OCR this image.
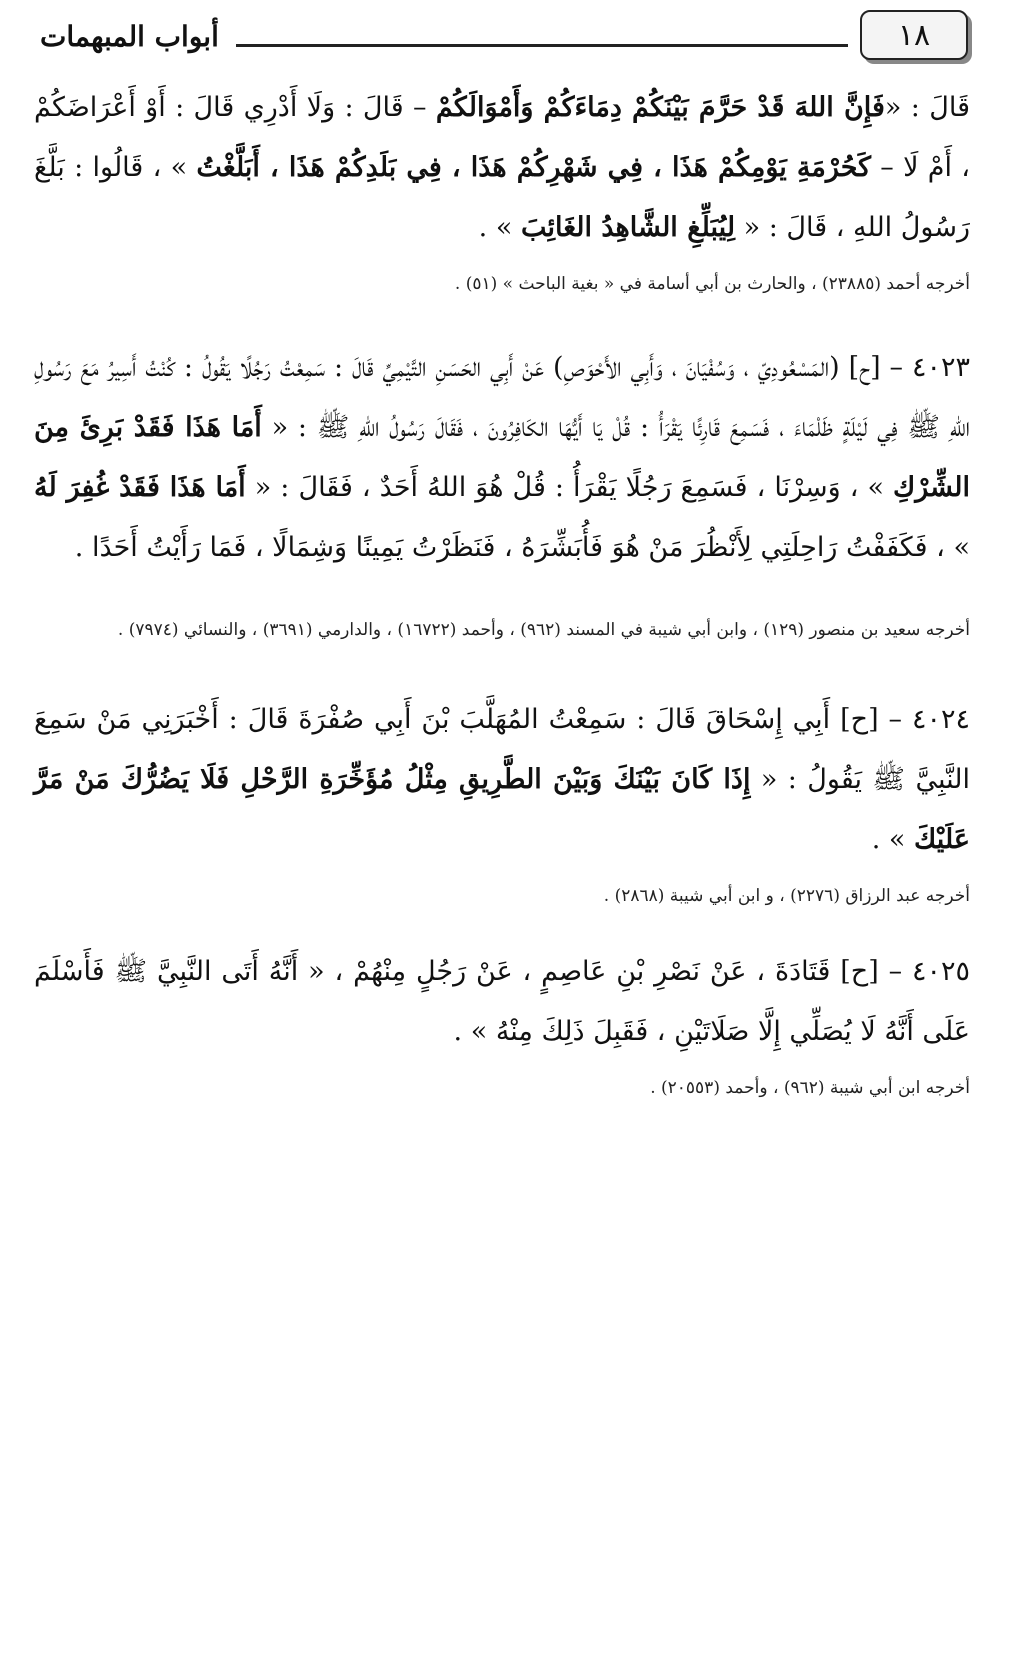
١٨
أبواب المبهمات

قَالَ : «فَإِنَّ اللهَ قَدْ حَرَّمَ بَيْنَكُمْ دِمَاءَكُمْ وَأَمْوَالَكُمْ – قَالَ : وَلَا أَدْرِي قَالَ : أَوْ أَعْرَاضَكُمْ ، أَمْ لَا – كَحُرْمَةِ يَوْمِكُمْ هَذَا ، فِي شَهْرِكُمْ هَذَا ، فِي بَلَدِكُمْ هَذَا ، أَبَلَّغْتُ » ، قَالُوا : بَلَّغَ رَسُولُ اللهِ ، قَالَ : « لِيُبَلِّغِ الشَّاهِدُ الغَائِبَ » .

أخرجه أحمد (٢٣٨٨٥) ، والحارث بن أبي أسامة في « بغية الباحث » (٥١) .

٤٠٢٣ – [ح] (المَسْعُودِيّ ، وَسُفْيَانَ ، وَأَبِي الأَحْوَصِ) عَنْ أَبِي الحَسَنِ التَّيْمِيِّ قَالَ : سَمِعْتُ رَجُلًا يَقُولُ : كُنْتُ أَسِيرُ مَعَ رَسُولِ اللهِ ﷺ فِي لَيْلَةٍ ظَلْمَاءَ ، فَسَمِعَ قَارِئًا يَقْرَأُ : قُلْ يَا أَيُّهَا الكَافِرُونَ ، فَقَالَ رَسُولُ اللهِ ﷺ : « أَمَا هَذَا فَقَدْ بَرِئَ مِنَ الشِّرْكِ » ، وَسِرْنَا ، فَسَمِعَ رَجُلًا يَقْرَأُ : قُلْ هُوَ اللهُ أَحَدٌ ، فَقَالَ : « أَمَا هَذَا فَقَدْ غُفِرَ لَهُ » ، فَكَفَفْتُ رَاحِلَتِي لِأَنْظُرَ مَنْ هُوَ فَأُبَشِّرَهُ ، فَنَظَرْتُ يَمِينًا وَشِمَالًا ، فَمَا رَأَيْتُ أَحَدًا .

أخرجه سعيد بن منصور (١٢٩) ، وابن أبي شيبة في المسند (٩٦٢) ، وأحمد (١٦٧٢٢) ، والدارمي (٣٦٩١) ، والنسائي (٧٩٧٤) .

٤٠٢٤ – [ح] أَبِي إِسْحَاقَ قَالَ : سَمِعْتُ المُهَلَّبَ بْنَ أَبِي صُفْرَةَ قَالَ : أَخْبَرَنِي مَنْ سَمِعَ النَّبِيَّ ﷺ يَقُولُ : « إِذَا كَانَ بَيْنَكَ وَبَيْنَ الطَّرِيقِ مِثْلُ مُؤَخِّرَةِ الرَّحْلِ فَلَا يَضُرُّكَ مَنْ مَرَّ عَلَيْكَ » .

أخرجه عبد الرزاق (٢٢٧٦) ، و ابن أبي شيبة (٢٨٦٨) .

٤٠٢٥ – [ح] قَتَادَةَ ، عَنْ نَصْرِ بْنِ عَاصِمٍ ، عَنْ رَجُلٍ مِنْهُمْ ، « أَنَّهُ أَتَى النَّبِيَّ ﷺ فَأَسْلَمَ عَلَى أَنَّهُ لَا يُصَلِّي إِلَّا صَلَاتَيْنِ ، فَقَبِلَ ذَلِكَ مِنْهُ » .

أخرجه ابن أبي شيبة (٩٦٢) ، وأحمد (٢٠٥٥٣) .
